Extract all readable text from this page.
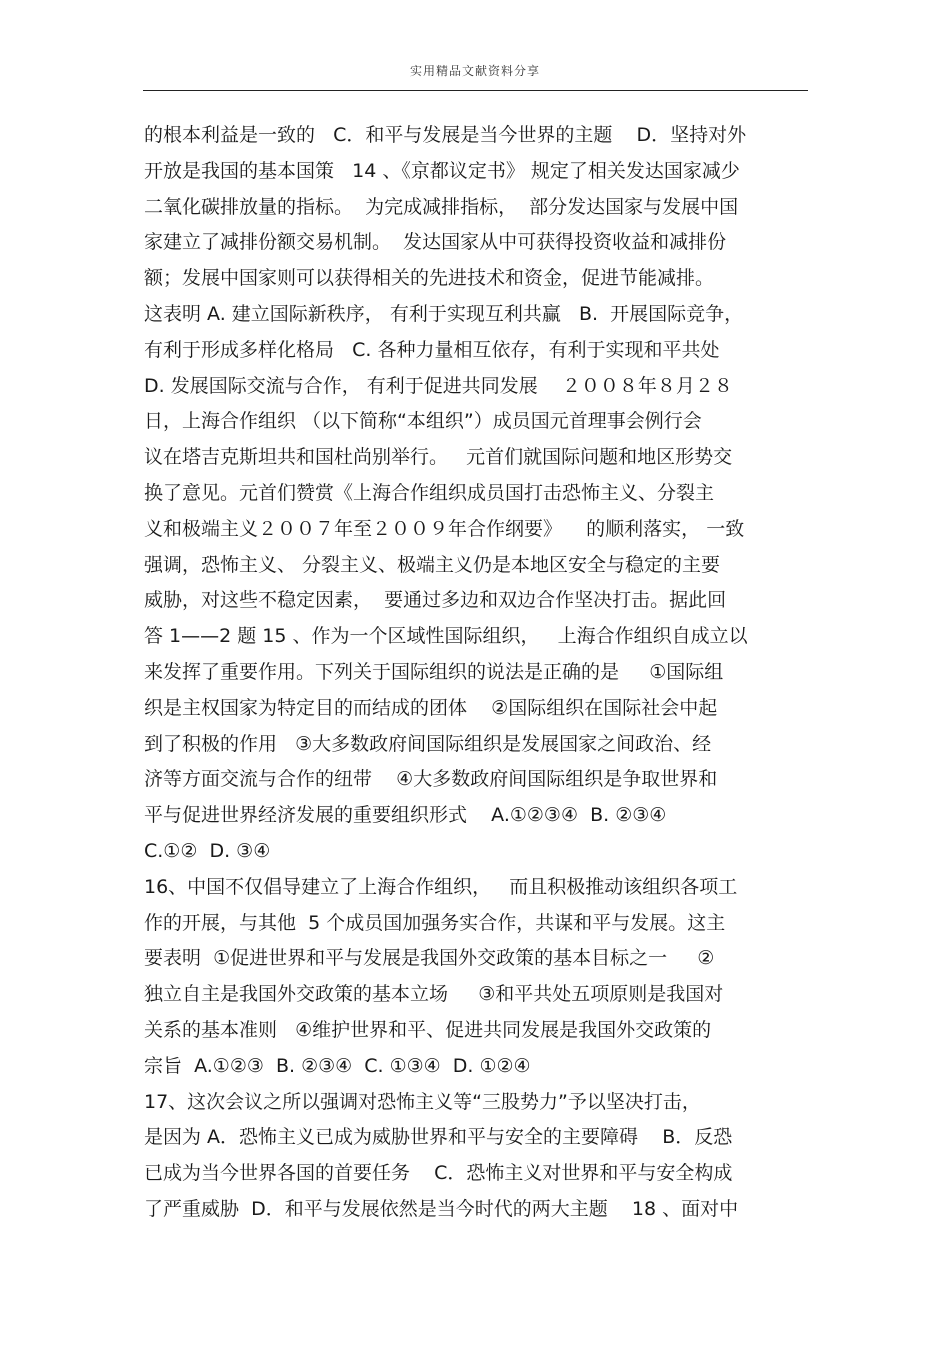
实用精品文献资料分享
的根本利益是一致的   C．和平与发展是当今世界的主题    D．坚持对外
开放是我国的基本国策   14 、《京都议定书》 规定了相关发达国家减少
二氧化碳排放量的指标。  为完成减排指标，  部分发达国家与发展中国
家建立了减排份额交易机制。  发达国家从中可获得投资收益和减排份
额；发展中国家则可以获得相关的先进技术和资金，促进节能减排。
这表明 A. 建立国际新秩序， 有利于实现互利共赢   B.  开展国际竞争，
有利于形成多样化格局   C. 各种力量相互依存，有利于实现和平共处
D. 发展国际交流与合作， 有利于促进共同发展    ２００８年８月２８
日，上海合作组织 （以下简称“本组织”）成员国元首理事会例行会
议在塔吉克斯坦共和国杜尚别举行。   元首们就国际问题和地区形势交
换了意见。元首们赞赏《上海合作组织成员国打击恐怖主义、分裂主
义和极端主义２００７年至２００９年合作纲要》    的顺利落实， 一致
强调，恐怖主义、 分裂主义、极端主义仍是本地区安全与稳定的主要
威胁，对这些不稳定因素，  要通过多边和双边合作坚决打击。据此回
答 1——2 题 15 、作为一个区域性国际组织，   上海合作组织自成立以
来发挥了重要作用。下列关于国际组织的说法是正确的是     ①国际组
织是主权国家为特定目的而结成的团体    ②国际组织在国际社会中起
到了积极的作用   ③大多数政府间国际组织是发展国家之间政治、经
济等方面交流与合作的纽带    ④大多数政府间国际组织是争取世界和
平与促进世界经济发展的重要组织形式    A.①②③④  B. ②③④
C.①②  D. ③④
16、中国不仅倡导建立了上海合作组织，   而且积极推动该组织各项工
作的开展，与其他  5 个成员国加强务实合作，共谋和平与发展。这主
要表明  ①促进世界和平与发展是我国外交政策的基本目标之一     ②
独立自主是我国外交政策的基本立场     ③和平共处五项原则是我国对
关系的基本准则   ④维护世界和平、促进共同发展是我国外交政策的
宗旨  A.①②③  B. ②③④  C. ①③④  D. ①②④
17、这次会议之所以强调对恐怖主义等“三股势力”予以坚决打击，
是因为 A．恐怖主义已成为威胁世界和平与安全的主要障碍    B．反恐
已成为当今世界各国的首要任务    C．恐怖主义对世界和平与安全构成
了严重威胁  D．和平与发展依然是当今时代的两大主题    18 、面对中
